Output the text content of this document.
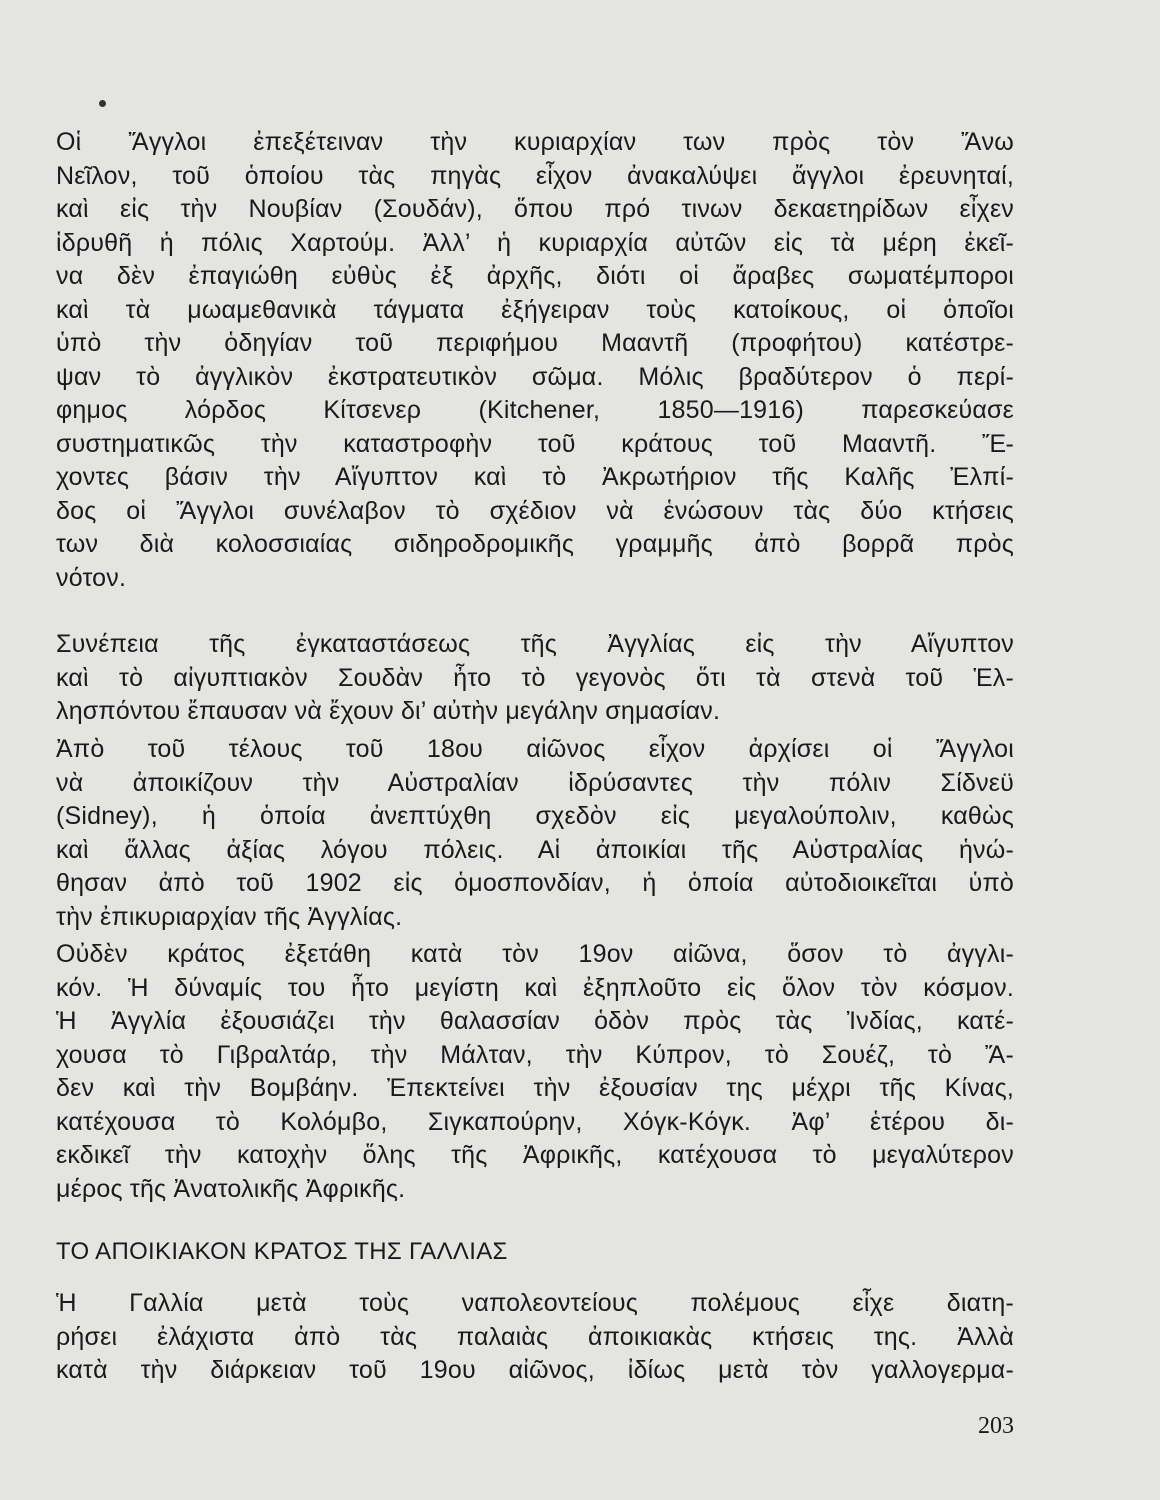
Οἱ Ἄγγλοι ἐπεξέτειναν τὴν κυριαρχίαν των πρὸς τὸν Ἄνω
Νεῖλον, τοῦ ὁποίου τὰς πηγὰς εἶχον ἀνακαλύψει ἄγγλοι ἐρευνηταί,
καὶ εἰς τὴν Νουβίαν (Σουδάν), ὅπου πρό τινων δεκαετηρίδων εἶχεν
ἱδρυθῆ ἡ πόλις Χαρτούμ. Ἀλλ’ ἡ κυριαρχία αὐτῶν εἰς τὰ μέρη ἐκεῖ-
να δὲν ἐπαγιώθη εὐθὺς ἐξ ἀρχῆς, διότι οἱ ἄραβες σωματέμποροι
καὶ τὰ μωαμεθανικὰ τάγματα ἐξήγειραν τοὺς κατοίκους, οἱ ὁποῖοι
ὑπὸ τὴν ὁδηγίαν τοῦ περιφήμου Μααντῆ (προφήτου) κατέστρε-
ψαν τὸ ἀγγλικὸν ἐκστρατευτικὸν σῶμα. Μόλις βραδύτερον ὁ περί-
φημος λόρδος Κίτσενερ (Kitchener, 1850—1916) παρεσκεύασε
συστηματικῶς τὴν καταστροφὴν τοῦ κράτους τοῦ Μααντῆ. Ἔ-
χοντες βάσιν τὴν Αἴγυπτον καὶ τὸ Ἀκρωτήριον τῆς Καλῆς Ἐλπί-
δος οἱ Ἄγγλοι συνέλαβον τὸ σχέδιον νὰ ἑνώσουν τὰς δύο κτήσεις
των διὰ κολοσσιαίας σιδηροδρομικῆς γραμμῆς ἀπὸ βορρᾶ πρὸς
νότον.
Συνέπεια τῆς ἐγκαταστάσεως τῆς Ἀγγλίας εἰς τὴν Αἴγυπτον
καὶ τὸ αἰγυπτιακὸν Σουδὰν ἦτο τὸ γεγονὸς ὅτι τὰ στενὰ τοῦ Ἑλ-
λησπόντου ἔπαυσαν νὰ ἔχουν δι’ αὐτὴν μεγάλην σημασίαν.
Ἀπὸ τοῦ τέλους τοῦ 18ου αἰῶνος εἶχον ἀρχίσει οἱ Ἄγγλοι
νὰ ἀποικίζουν τὴν Αὐστραλίαν ἱδρύσαντες τὴν πόλιν Σίδνεϋ
(Sidney), ἡ ὁποία ἀνεπτύχθη σχεδὸν εἰς μεγαλούπολιν, καθὼς
καὶ ἄλλας ἀξίας λόγου πόλεις. Αἱ ἀποικίαι τῆς Αὐστραλίας ἡνώ-
θησαν ἀπὸ τοῦ 1902 εἰς ὁμοσπονδίαν, ἡ ὁποία αὐτοδιοικεῖται ὑπὸ
τὴν ἐπικυριαρχίαν τῆς Ἀγγλίας.
Οὐδὲν κράτος ἐξετάθη κατὰ τὸν 19ον αἰῶνα, ὅσον τὸ ἀγγλι-
κόν. Ἡ δύναμίς του ἦτο μεγίστη καὶ ἐξηπλοῦτο εἰς ὅλον τὸν κόσμον.
Ἡ Ἀγγλία ἐξουσιάζει τὴν θαλασσίαν ὁδὸν πρὸς τὰς Ἰνδίας, κατέ-
χουσα τὸ Γιβραλτάρ, τὴν Μάλταν, τὴν Κύπρον, τὸ Σουέζ, τὸ Ἄ-
δεν καὶ τὴν Βομβάην. Ἐπεκτείνει τὴν ἐξουσίαν της μέχρι τῆς Κίνας,
κατέχουσα τὸ Κολόμβο, Σιγκαπούρην, Χόγκ-Κόγκ. Ἀφ’ ἑτέρου δι-
εκδικεῖ τὴν κατοχὴν ὅλης τῆς Ἀφρικῆς, κατέχουσα τὸ μεγαλύτερον
μέρος τῆς Ἀνατολικῆς Ἀφρικῆς.
ΤΟ ΑΠΟΙΚΙΑΚΟΝ ΚΡΑΤΟΣ ΤΗΣ ΓΑΛΛΙΑΣ
Ἡ Γαλλία μετὰ τοὺς ναπολεοντείους πολέμους εἶχε διατη-
ρήσει ἐλάχιστα ἀπὸ τὰς παλαιὰς ἀποικιακὰς κτήσεις της. Ἀλλὰ
κατὰ τὴν διάρκειαν τοῦ 19ου αἰῶνος, ἰδίως μετὰ τὸν γαλλογερμα-
203
